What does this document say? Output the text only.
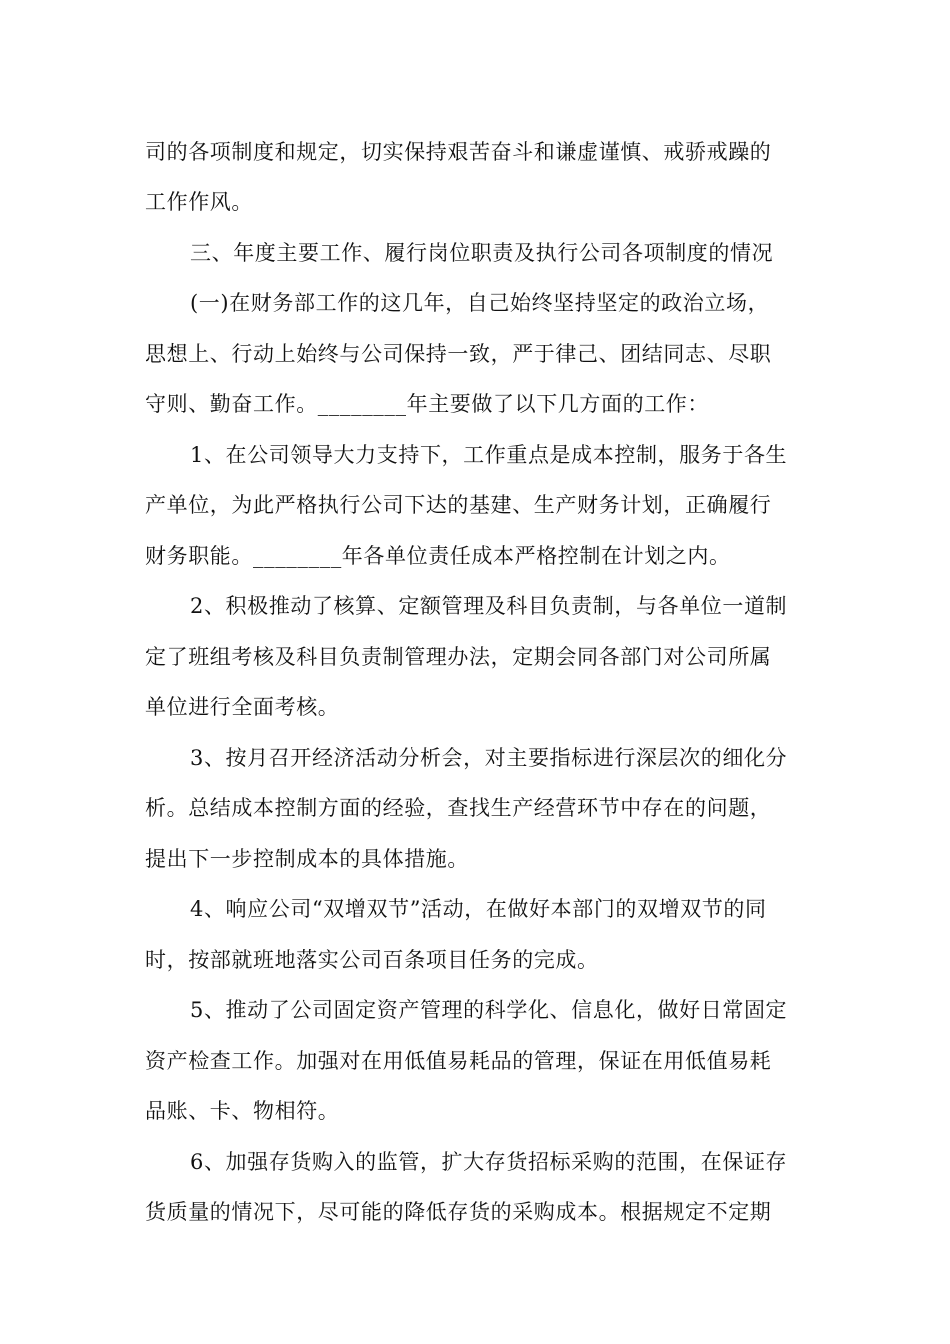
司的各项制度和规定，切实保持艰苦奋斗和谦虚谨慎、戒骄戒躁的
工作作风。
三、年度主要工作、履行岗位职责及执行公司各项制度的情况
(一)在财务部工作的这几年，自己始终坚持坚定的政治立场，
思想上、行动上始终与公司保持一致，严于律己、团结同志、尽职
守则、勤奋工作。________年主要做了以下几方面的工作：
1、在公司领导大力支持下，工作重点是成本控制，服务于各生
产单位，为此严格执行公司下达的基建、生产财务计划，正确履行
财务职能。________年各单位责任成本严格控制在计划之内。
2、积极推动了核算、定额管理及科目负责制，与各单位一道制
定了班组考核及科目负责制管理办法，定期会同各部门对公司所属
单位进行全面考核。
3、按月召开经济活动分析会，对主要指标进行深层次的细化分
析。总结成本控制方面的经验，查找生产经营环节中存在的问题，
提出下一步控制成本的具体措施。
4、响应公司“双增双节”活动，在做好本部门的双增双节的同
时，按部就班地落实公司百条项目任务的完成。
5、推动了公司固定资产管理的科学化、信息化，做好日常固定
资产检查工作。加强对在用低值易耗品的管理，保证在用低值易耗
品账、卡、物相符。
6、加强存货购入的监管，扩大存货招标采购的范围，在保证存
货质量的情况下，尽可能的降低存货的采购成本。根据规定不定期
